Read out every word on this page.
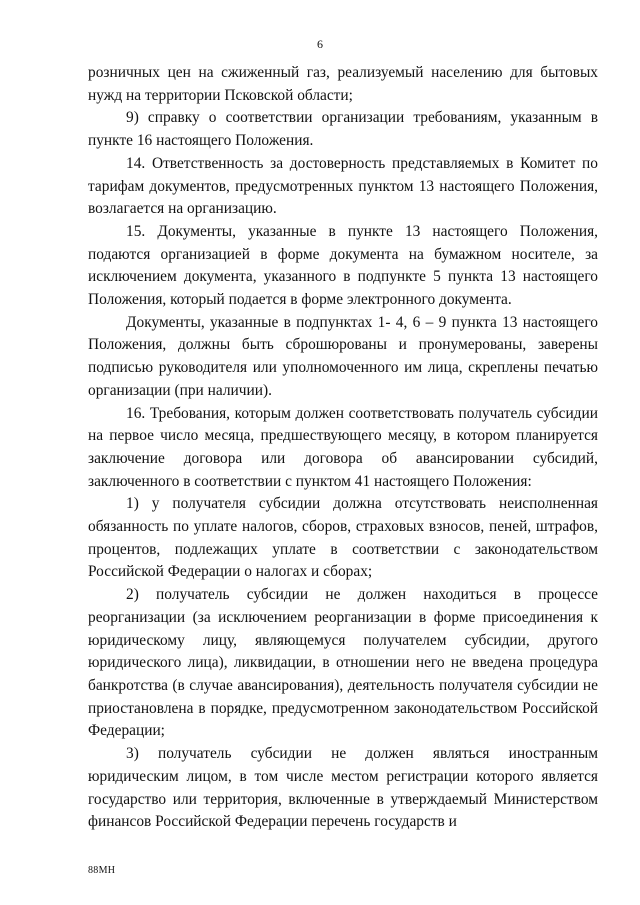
6

розничных цен на сжиженный газ, реализуемый населению для бытовых нужд на территории Псковской области;

9) справку о соответствии организации требованиям, указанным в пункте 16 настоящего Положения.

14. Ответственность за достоверность представляемых в Комитет по тарифам документов, предусмотренных пунктом 13 настоящего Положения, возлагается на организацию.

15. Документы, указанные в пункте 13 настоящего Положения, подаются организацией в форме документа на бумажном носителе, за исключением документа, указанного в подпункте 5 пункта 13 настоящего Положения, который подается в форме электронного документа.

Документы, указанные в подпунктах 1- 4, 6 – 9 пункта 13 настоящего Положения, должны быть сброшюрованы и пронумерованы, заверены подписью руководителя или уполномоченного им лица, скреплены печатью организации (при наличии).

16. Требования, которым должен соответствовать получатель субсидии на первое число месяца, предшествующего месяцу, в котором планируется заключение договора или договора об авансировании субсидий, заключенного в соответствии с пунктом 41 настоящего Положения:

1) у получателя субсидии должна отсутствовать неисполненная обязанность по уплате налогов, сборов, страховых взносов, пеней, штрафов, процентов, подлежащих уплате в соответствии с законодательством Российской Федерации о налогах и сборах;

2) получатель субсидии не должен находиться в процессе реорганизации (за исключением реорганизации в форме присоединения к юридическому лицу, являющемуся получателем субсидии, другого юридического лица), ликвидации, в отношении него не введена процедура банкротства (в случае авансирования), деятельность получателя субсидии не приостановлена в порядке, предусмотренном законодательством Российской Федерации;

3) получатель субсидии не должен являться иностранным юридическим лицом, в том числе местом регистрации которого является государство или территория, включенные в утверждаемый Министерством финансов Российской Федерации перечень государств и

88МН
